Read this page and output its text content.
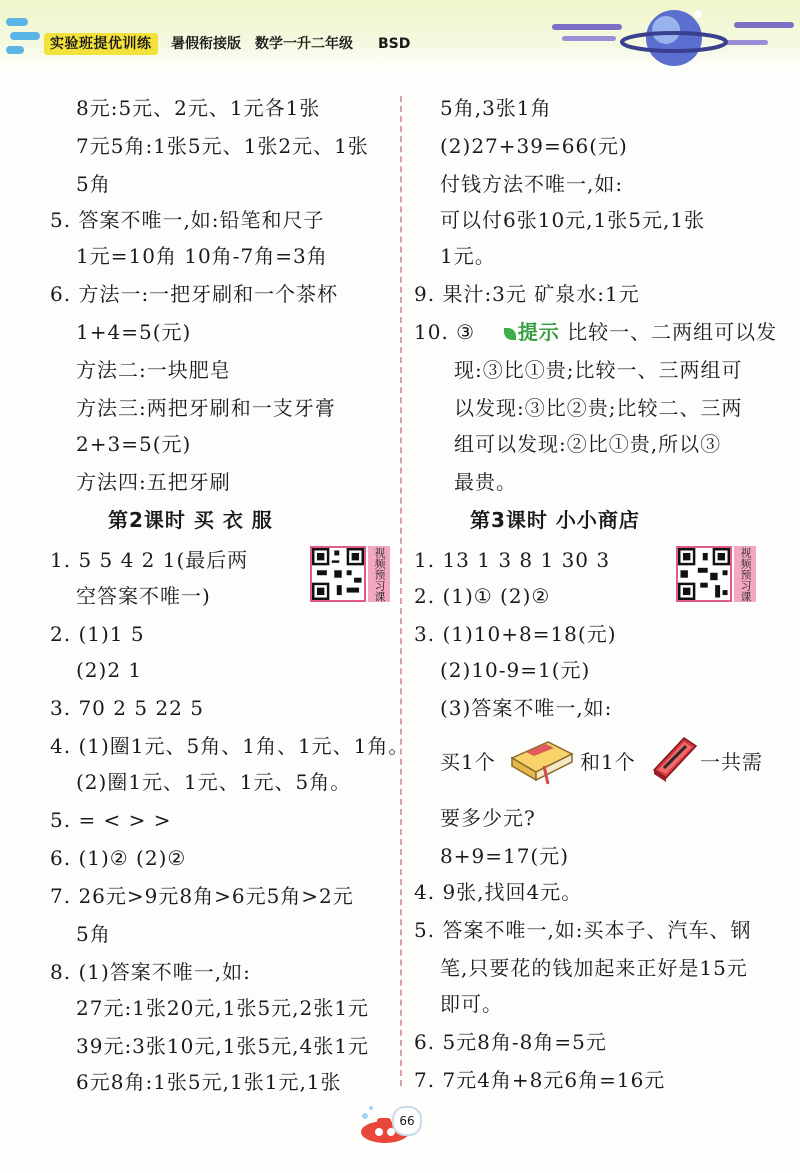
实验班提优训练	暑假衔接版 数学一升二年级 BSD
8元:5元、2元、1元各1张
7元5角:1张5元、1张2元、1张
5角
5. 答案不唯一,如:铅笔和尺子
1元=10角 10角-7角=3角
6. 方法一:一把牙刷和一个茶杯
1+4=5(元)
方法二:一块肥皂
方法三:两把牙刷和一支牙膏
2+3=5(元)
方法四:五把牙刷
第2课时 买 衣 服
1. 5 5 4 2 1(最后两
空答案不唯一)	视频预习课
2. (1)1 5
(2)2 1
3. 70 2 5 22 5
4. (1)圈1元、5角、1角、1元、1角。
(2)圈1元、1元、1元、5角。
5. = < > >
6. (1)② (2)②
7. 26元>9元8角>6元5角>2元
5角
8. (1)答案不唯一,如:
27元:1张20元,1张5元,2张1元
39元:3张10元,1张5元,4张1元
6元8角:1张5元,1张1元,1张
5角,3张1角
(2)27+39=66(元)
付钱方法不唯一,如:
可以付6张10元,1张5元,1张
1元。
9. 果汁:3元 矿泉水:1元
10. ③ 提示 比较一、二两组可以发
现:③比①贵;比较一、三两组可
以发现:③比②贵;比较二、三两
组可以发现:②比①贵,所以③
最贵。
第3课时 小小商店
1. 13 1 3 8 1 30 3	视频预习课
2. (1)① (2)②
3. (1)10+8=18(元)
(2)10-9=1(元)
(3)答案不唯一,如:
买1个	和1个	一共需
要多少元?
8+9=17(元)
4. 9张,找回4元。
5. 答案不唯一,如:买本子、汽车、钢
笔,只要花的钱加起来正好是15元
即可。
6. 5元8角-8角=5元
7. 7元4角+8元6角=16元
66
